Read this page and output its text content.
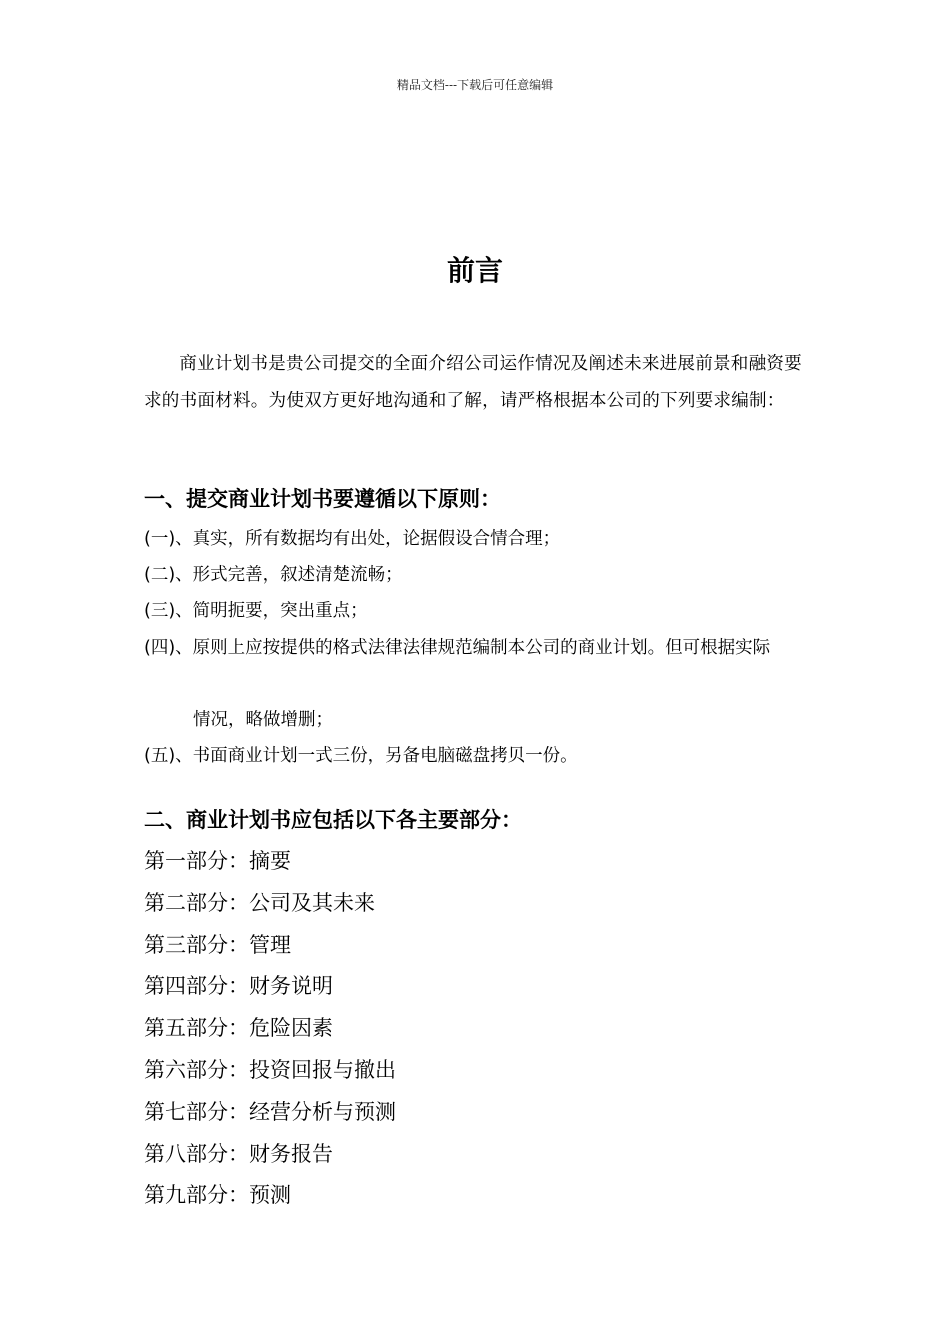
精品文档---下载后可任意编辑
前言
商业计划书是贵公司提交的全面介绍公司运作情况及阐述未来进展前景和融资要求的书面材料。为使双方更好地沟通和了解，请严格根据本公司的下列要求编制：
一、提交商业计划书要遵循以下原则：
(一)、真实，所有数据均有出处，论据假设合情合理；
(二)、形式完善，叙述清楚流畅；
(三)、简明扼要，突出重点；
(四)、原则上应按提供的格式法律法律规范编制本公司的商业计划。但可根据实际
情况，略做增删；
(五)、书面商业计划一式三份，另备电脑磁盘拷贝一份。
二、商业计划书应包括以下各主要部分：
第一部分：摘要
第二部分：公司及其未来
第三部分：管理
第四部分：财务说明
第五部分：危险因素
第六部分：投资回报与撤出
第七部分：经营分析与预测
第八部分：财务报告
第九部分：预测
